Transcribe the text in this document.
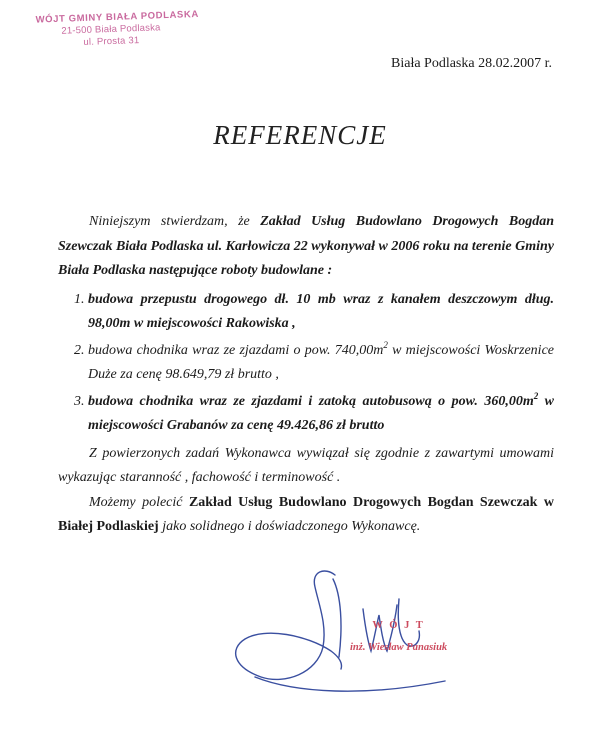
WÓJT GMINY BIAŁA PODLASKA
21-500 Biała Podlaska
ul. Prosta 31
Biała Podlaska 28.02.2007 r.
REFERENCJE

Niniejszym stwierdzam, że Zakład Usług Budowlano Drogowych Bogdan Szewczak Biała Podlaska ul. Karłowicza 22 wykonywał w 2006 roku na terenie Gminy Biała Podlaska następujące roboty budowlane :

1. budowa przepustu drogowego dł. 10 mb wraz z kanałem deszczowym dług. 98,00m w miejscowości Rakowiska ,
2. budowa chodnika wraz ze zjazdami o pow. $740,00m^2$ w miejscowości Woskrzenice Duże za cenę 98.649,79 zł brutto ,
3. budowa chodnika wraz ze zjazdami i zatoką autobusową o pow. $360,00m^2$ w miejscowości Grabanów za cenę 49.426,86 zł brutto

Z powierzonych zadań Wykonawca wywiązał się zgodnie z zawartymi umowami wykazując staranność , fachowość i terminowość .

Możemy polecić Zakład Usług Budowlano Drogowych Bogdan Szewczak w Białej Podlaskiej jako solidnego i doświadczonego Wykonawcę.

W Ó J T
inż. Wiesław Panasiuk
